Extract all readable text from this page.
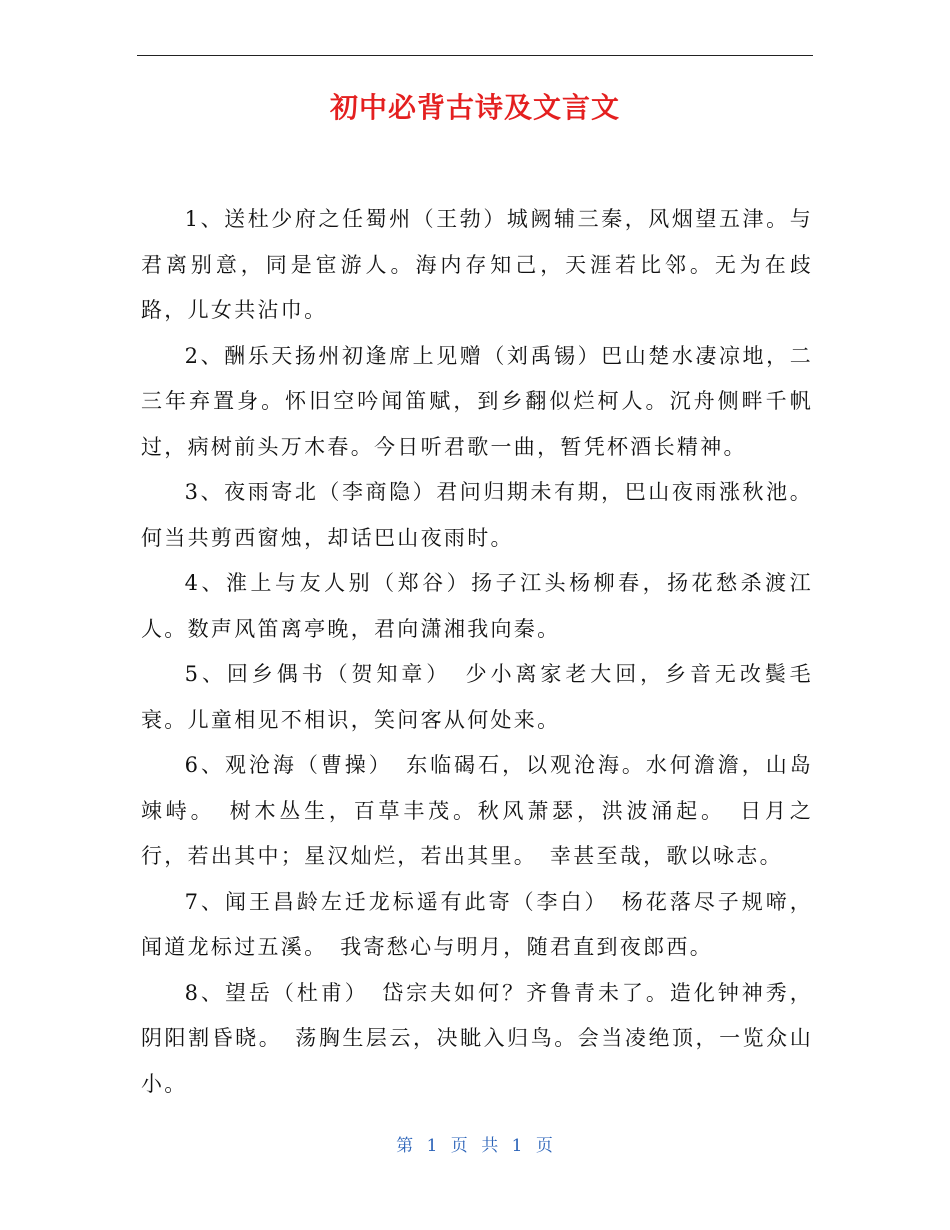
初中必背古诗及文言文

1、送杜少府之任蜀州（王勃）城阙辅三秦，风烟望五津。与君离别意，同是宦游人。海内存知己，天涯若比邻。无为在歧路，儿女共沾巾。

2、酬乐天扬州初逢席上见赠（刘禹锡）巴山楚水凄凉地，二三年弃置身。怀旧空吟闻笛赋，到乡翻似烂柯人。沉舟侧畔千帆过，病树前头万木春。今日听君歌一曲，暂凭杯酒长精神。

3、夜雨寄北（李商隐）君问归期未有期，巴山夜雨涨秋池。何当共剪西窗烛，却话巴山夜雨时。

4、淮上与友人别（郑谷）扬子江头杨柳春，扬花愁杀渡江人。数声风笛离亭晚，君向潇湘我向秦。

5、回乡偶书（贺知章）　少小离家老大回，乡音无改鬓毛衰。儿童相见不相识，笑问客从何处来。

6、观沧海（曹操）　东临碣石，以观沧海。水何澹澹，山岛竦峙。　树木丛生，百草丰茂。秋风萧瑟，洪波涌起。　日月之行，若出其中；星汉灿烂，若出其里。　幸甚至哉，歌以咏志。

7、闻王昌龄左迁龙标遥有此寄（李白）　杨花落尽子规啼，闻道龙标过五溪。　我寄愁心与明月，随君直到夜郎西。

8、望岳（杜甫）　岱宗夫如何？齐鲁青未了。造化钟神秀，阴阳割昏晓。　荡胸生层云，决眦入归鸟。会当凌绝顶，一览众山小。

第 1 页 共 1 页
